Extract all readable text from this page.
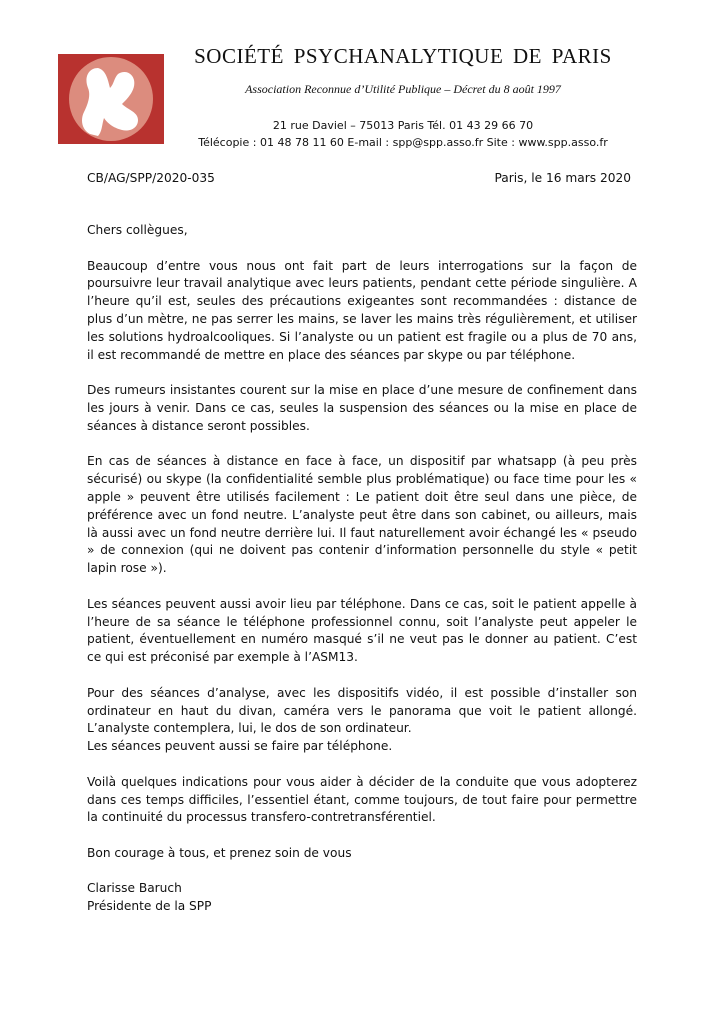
SOCIÉTÉ PSYCHANALYTIQUE DE PARIS
Association Reconnue d’Utilité Publique – Décret du 8 août 1997
21 rue Daviel – 75013 Paris Tél. 01 43 29 66 70
Télécopie : 01 48 78 11 60 E-mail : spp@spp.asso.fr Site : www.spp.asso.fr
CB/AG/SPP/2020-035	Paris, le 16 mars 2020

Chers collègues,

Beaucoup d’entre vous nous ont fait part de leurs interrogations sur la façon de poursuivre leur travail analytique avec leurs patients, pendant cette période singulière. A l’heure qu’il est, seules des précautions exigeantes sont recommandées : distance de plus d’un mètre, ne pas serrer les mains, se laver les mains très régulièrement, et utiliser les solutions hydroalcooliques. Si l’analyste ou un patient est fragile ou a plus de 70 ans, il est recommandé de mettre en place des séances par skype ou par téléphone.

Des rumeurs insistantes courent sur la mise en place d’une mesure de confinement dans les jours à venir. Dans ce cas, seules la suspension des séances ou la mise en place de séances à distance seront possibles.

En cas de séances à distance en face à face, un dispositif par whatsapp (à peu près sécurisé) ou skype (la confidentialité semble plus problématique) ou face time pour les « apple » peuvent être utilisés facilement : Le patient doit être seul dans une pièce, de préférence avec un fond neutre. L’analyste peut être dans son cabinet, ou ailleurs, mais là aussi avec un fond neutre derrière lui. Il faut naturellement avoir échangé les « pseudo » de connexion (qui ne doivent pas contenir d’information personnelle du style « petit lapin rose »).

Les séances peuvent aussi avoir lieu par téléphone. Dans ce cas, soit le patient appelle à l’heure de sa séance le téléphone professionnel connu, soit l’analyste peut appeler le patient, éventuellement en numéro masqué s’il ne veut pas le donner au patient. C’est ce qui est préconisé par exemple à l’ASM13.

Pour des séances d’analyse, avec les dispositifs vidéo, il est possible d’installer son ordinateur en haut du divan, caméra vers le panorama que voit le patient allongé. L’analyste contemplera, lui, le dos de son ordinateur.

Les séances peuvent aussi se faire par téléphone.

Voilà quelques indications pour vous aider à décider de la conduite que vous adopterez dans ces temps difficiles, l’essentiel étant, comme toujours, de tout faire pour permettre la continuité du processus transfero-contretransférentiel.

Bon courage à tous, et prenez soin de vous

Clarisse Baruch
Présidente de la SPP
